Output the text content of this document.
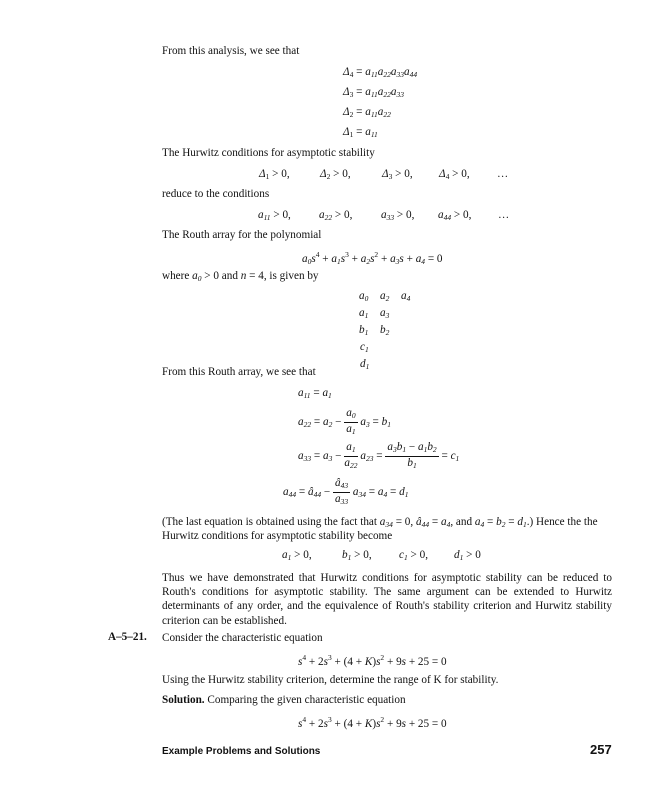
From this analysis, we see that
$\Delta_4 = a_{11}a_{22}a_{33}a_{44}$
$\Delta_3 = a_{11}a_{22}a_{33}$
$\Delta_2 = a_{11}a_{22}$
$\Delta_1 = a_{11}$
The Hurwitz conditions for asymptotic stability
$\Delta_1 > 0$,	$\Delta_2 > 0$,	$\Delta_3 > 0$, $\Delta_4 > 0$, …
reduce to the conditions
$a_{11} > 0$,	$a_{22} > 0$,	$a_{33} > 0$, $a_{44} > 0$, …
The Routh array for the polynomial
$a_0s^4 + a_1s^3 + a_2s^2 + a_3s + a_4 = 0$
where $a_0 > 0$ and n = 4, is given by
$a_0$ $a_2$ $a_4$
$a_1$ $a_3$
$b_1$ $b_2$
$c_1$
$d_1$
From this Routh array, we see that
$a_{11} = a_1$
$a_{22} = a_2 - \frac{a_0}{a_1} a_3 = b_1$
$a_{33} = a_3 - \frac{a_1}{a_{22}} a_{23} = \frac{a_3b_1 - a_1b_2}{b_1} = c_1$
$a_{44}$ = $â_{44} - \frac{â_{43}}{a_{33}} a_{34} = a_4 = d_1$
(The last equation is obtained using the fact that $a_{34} = 0$, $â_{44} = a_4$, and $a_4 = b_2 = d_1$.) Hence the the
Hurwitz conditions for asymptotic stability become
$a_1 > 0$,	$b_1 > 0$, $c_1 > 0$, $d_1 > 0$
Thus we have demonstrated that Hurwitz conditions for asymptotic stability can be reduced to Routh's conditions for asymptotic stability. The same argument can be extended to Hurwitz determinants of any order, and the equivalence of Routh's stability criterion and Hurwitz stability criterion can be established.
A–5–21. Consider the characteristic equation
$s^4 + 2s^3 + (4 + K)s^2 + 9s + 25 = 0$
Using the Hurwitz stability criterion, determine the range of K for stability.
Solution. Comparing the given characteristic equation
$s^4 + 2s^3 + (4 + K)s^2 + 9s + 25 = 0$
Example Problems and Solutions	257
